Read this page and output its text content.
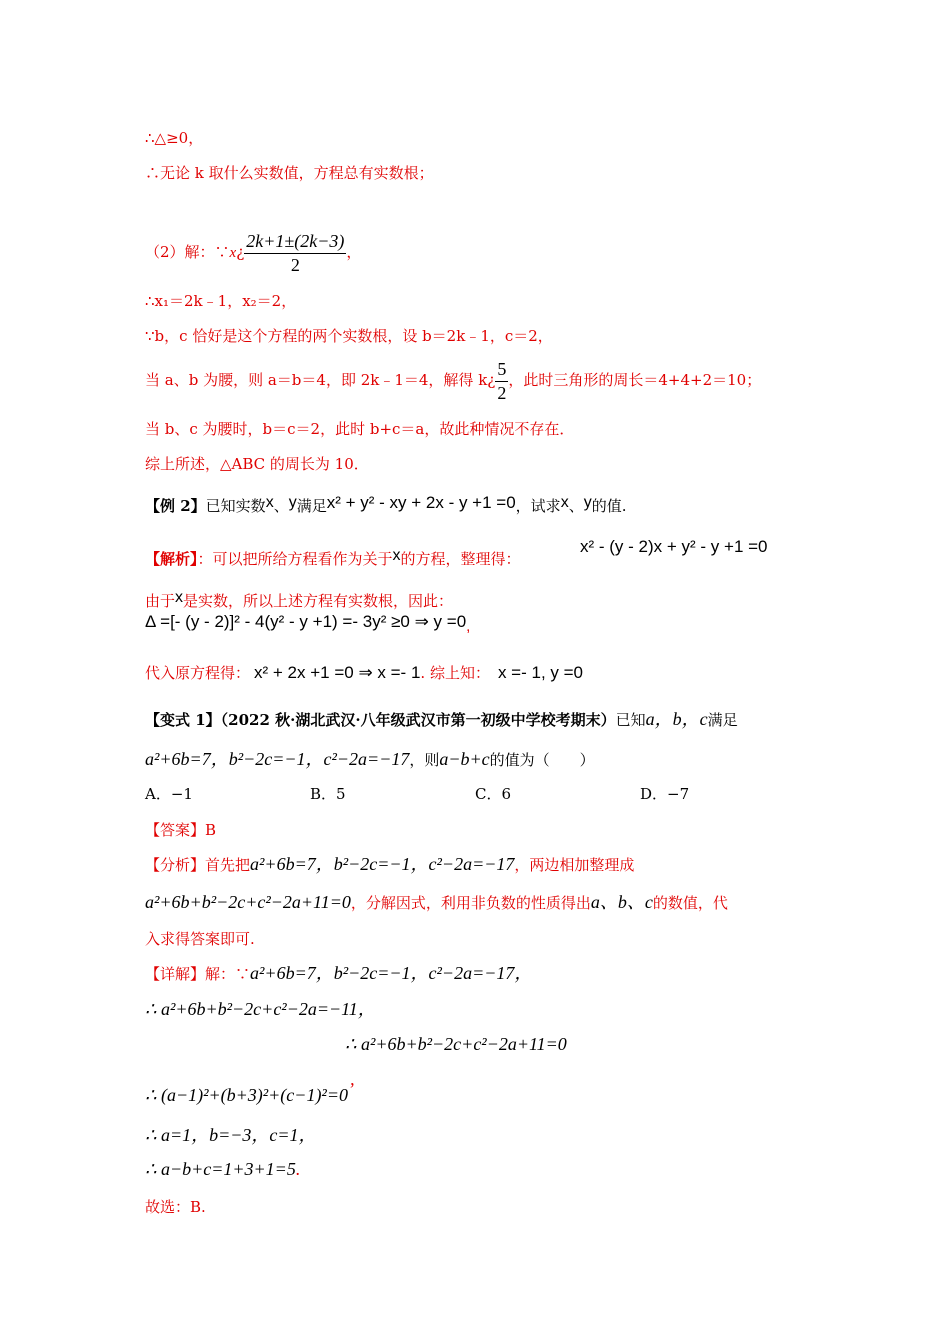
∴△≥0，
∴无论 k 取什么实数值，方程总有实数根；
（2）解：∵x¿ $\frac{2k+1\pm(2k-3)}{2}$ ，
∴x₁＝2k﹣1，x₂＝2，
∵b，c 恰好是这个方程的两个实数根，设 b＝2k﹣1，c＝2，
当 a、b 为腰，则 a＝b＝4，即 2k﹣1＝4，解得 k¿ $\frac{5}{2}$ ，此时三角形的周长＝4+4+2＝10；
当 b、c 为腰时，b＝c＝2，此时 b+c＝a，故此种情况不存在．
综上所述，△ABC 的周长为 10．
【例 2】已知实数x、y满足x² + y² - xy + 2x - y +1 =0，试求x、y的值.
【解析】：可以把所给方程看作为关于x的方程，整理得：
x² - (y - 2)x + y² - y +1 =0
由于x是实数，所以上述方程有实数根，因此：
Δ =[- (y - 2)]² - 4(y² - y +1) =- 3y² ≥0 ⇒ y =0,
代入原方程得： x² + 2x +1 =0 ⇒ x =- 1. 综上知： x =- 1, y =0
【变式 1】（2022 秋·湖北武汉·八年级武汉市第一初级中学校考期末）已知a，b，c满足
a²+6b=7，b²−2c=−1，c²−2a=−17，则a−b+c的值为（　　）
A．−1	B．5	C．6	D．−7
【答案】B
【分析】首先把a²+6b=7，b²−2c=−1，c²−2a=−17，两边相加整理成
a²+6b+b²−2c+c²−2a+11=0，分解因式，利用非负数的性质得出a、b、c的数值，代
入求得答案即可.
【详解】解：∵a²+6b=7，b²−2c=−1，c²−2a=−17，
∴ a²+6b+b²−2c+c²−2a=−11，
∴ a²+6b+b²−2c+c²−2a+11=0
∴ (a−1)²+(b+3)²+(c−1)²=0’
∴ a=1，b=−3，c=1，
∴ a−b+c=1+3+1=5.
故选：B.
